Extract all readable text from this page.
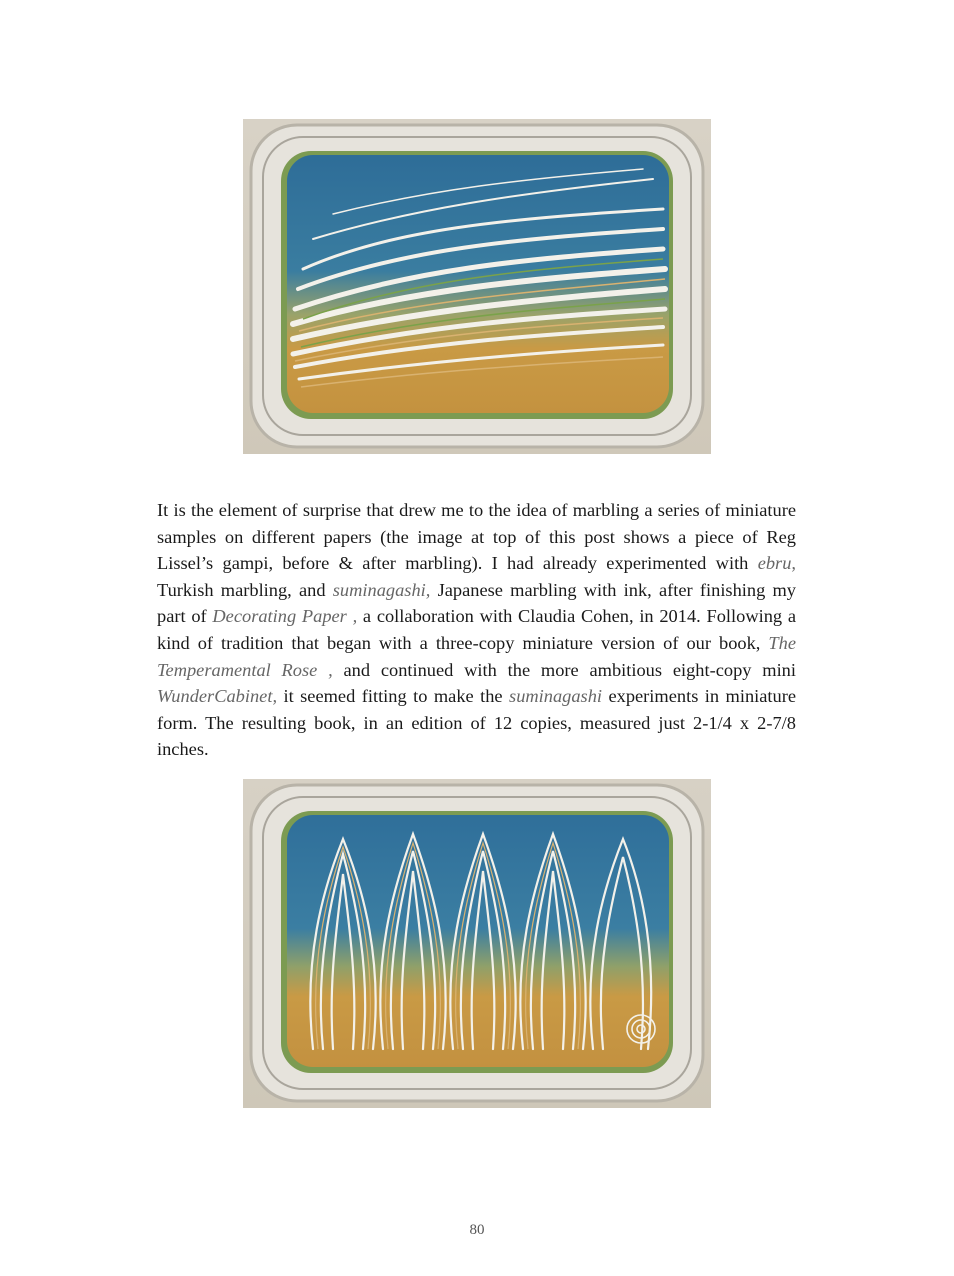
It is the element of surprise that drew me to the idea of marbling a series of miniature samples on different papers (the image at top of this post shows a piece of Reg Lissel’s gampi, before & after marbling). I had already experimented with ebru, Turkish marbling, and suminagashi, Japanese marbling with ink, after finishing my part of Decorating Paper , a collaboration with Claudia Cohen, in 2014. Following a kind of tradition that began with a three-copy miniature version of our book, The Temperamental Rose , and continued with the more ambitious eight-copy mini WunderCabinet, it seemed fitting to make the suminagashi experiments in miniature form. The resulting book, in an edition of 12 copies, measured just 2-1/4 x 2-7/8 inches.

80
